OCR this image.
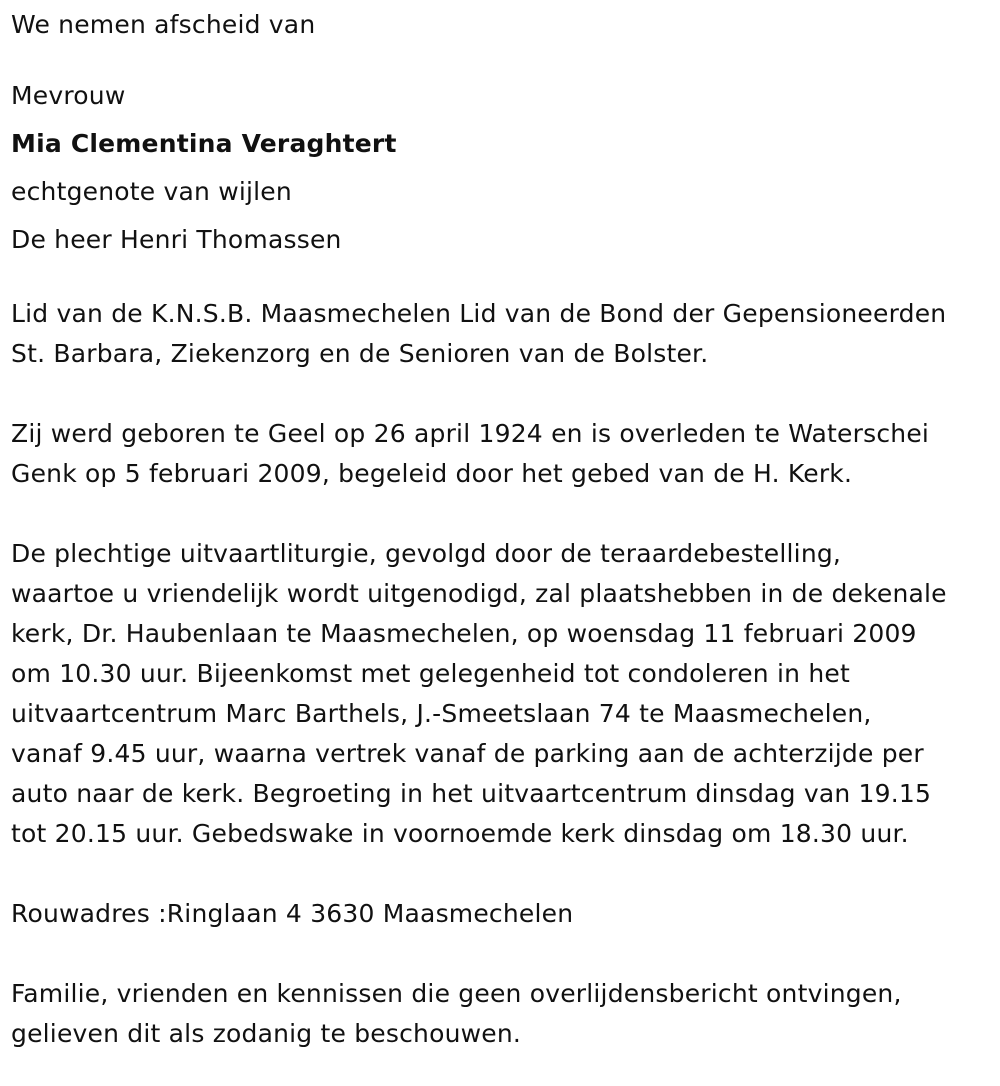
We nemen afscheid van

Mevrouw

Mia Clementina Veraghtert

echtgenote van wijlen

De heer Henri Thomassen

Lid van de K.N.S.B. Maasmechelen Lid van de Bond der Gepensioneerden

St. Barbara, Ziekenzorg en de Senioren van de Bolster.

Zij werd geboren te Geel op 26 april 1924 en is overleden te Waterschei

Genk op 5 februari 2009, begeleid door het gebed van de H. Kerk.

De plechtige uitvaartliturgie, gevolgd door de teraardebestelling,

waartoe u vriendelijk wordt uitgenodigd, zal plaatshebben in de dekenale

kerk, Dr. Haubenlaan te Maasmechelen, op woensdag 11 februari 2009

om 10.30 uur. Bijeenkomst met gelegenheid tot condoleren in het

uitvaartcentrum Marc Barthels, J.-Smeetslaan 74 te Maasmechelen,

vanaf 9.45 uur, waarna vertrek vanaf de parking aan de achterzijde per

auto naar de kerk. Begroeting in het uitvaartcentrum dinsdag van 19.15

tot 20.15 uur. Gebedswake in voornoemde kerk dinsdag om 18.30 uur.

Rouwadres :Ringlaan 4 3630 Maasmechelen

Familie, vrienden en kennissen die geen overlijdensbericht ontvingen,

gelieven dit als zodanig te beschouwen.
